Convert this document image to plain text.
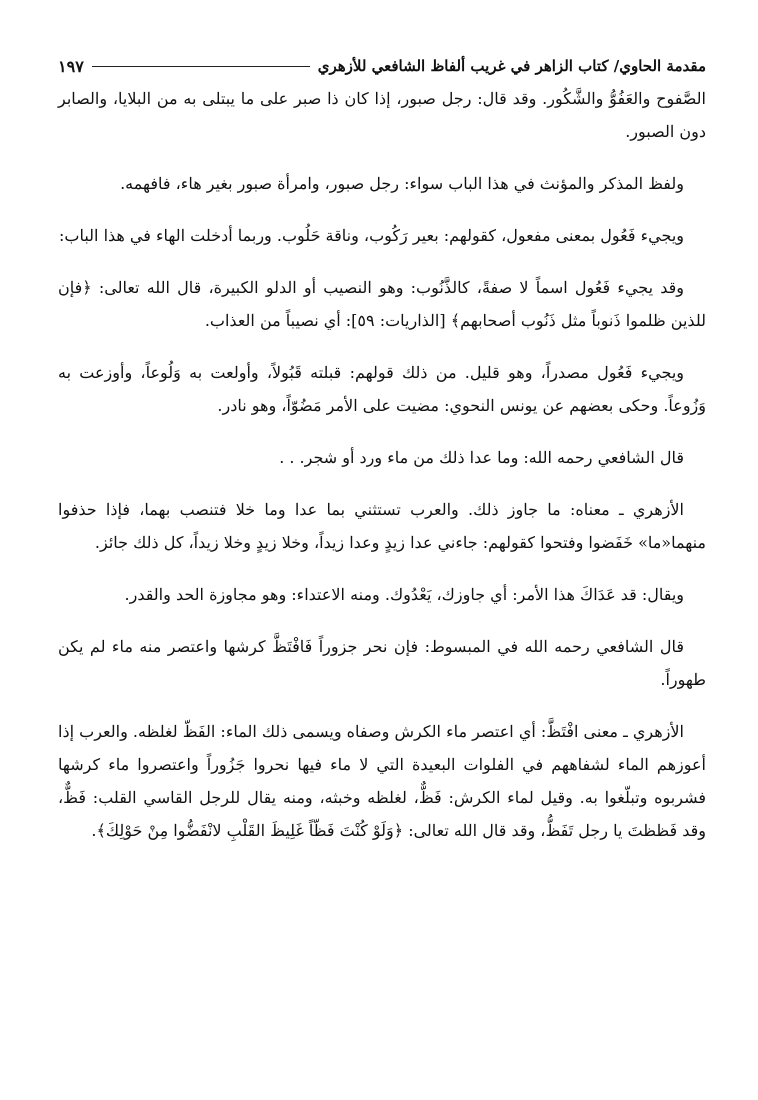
مقدمة الحاوي/ كتاب الزاهر في غريب ألفاظ الشافعي للأزهري
١٩٧

الصَّفوح والعَفُوُّ والشَّكُور. وقد قال: رجل صبور، إذا كان ذا صبر على ما يبتلى به من البلايا، والصابر دون الصبور.

ولفظ المذكر والمؤنث في هذا الباب سواء: رجل صبور، وامرأة صبور بغير هاء، فافهمه.

ويجيء فَعُول بمعنى مفعول، كقولهم: بعير رَكُوب، وناقة حَلُوب. وربما أدخلت الهاء في هذا الباب:

وقد يجيء فَعُول اسماً لا صفةً، كالذَّنُوب: وهو النصيب أو الدلو الكبيرة، قال الله تعالى: ﴿فإن للذين ظلموا ذَنوباً مثل ذَنُوب أصحابهم﴾ [الذاريات: ٥٩]: أي نصيباً من العذاب.

ويجيء فَعُول مصدراً، وهو قليل. من ذلك قولهم: قبلته قَبُولاً، وأولعت به وَلُوعاً، وأوزعت به وَزُوعاً. وحكى بعضهم عن يونس النحوي: مضيت على الأمر مَضُوّاً، وهو نادر.

قال الشافعي رحمه الله: وما عدا ذلك من ماء ورد أو شجر. . .

الأزهري ـ معناه: ما جاوز ذلك. والعرب تستثني بما عدا وما خلا فتنصب بهما، فإذا حذفوا منهما«ما» خَفَضوا وفتحوا كقولهم: جاءني عدا زيدٍ وعدا زيداً، وخلا زيدٍ وخلا زيداً، كل ذلك جائز.

ويقال: قد عَدَاكَ هذا الأمر: أي جاوزك، يَعْدُوك. ومنه الاعتداء: وهو مجاوزة الحد والقدر.

قال الشافعي رحمه الله في المبسوط: فإن نحر جزوراً فَافْتَظَّ كرشها واعتصر منه ماء لم يكن طهوراً.

الأزهري ـ معنى افْتَظَّ: أي اعتصر ماء الكرش وصفاه ويسمى ذلك الماء: الفَظّ لغلظه. والعرب إذا أعوزهم الماء لشفاههم في الفلوات البعيدة التي لا ماء فيها نحروا جَزُوراً واعتصروا ماء كرشها فشربوه وتبلّغوا به. وقيل لماء الكرش: فَظٌّ، لغلظه وخبثه، ومنه يقال للرجل القاسي القلب: فَظٌّ، وقد فَظظتَ يا رجل تَفَظُّ، وقد قال الله تعالى: ﴿وَلَوْ كُنْتَ فَظّاً غَلِيظَ القَلْبِ لانْفَضُّوا مِنْ حَوْلِكَ﴾.
